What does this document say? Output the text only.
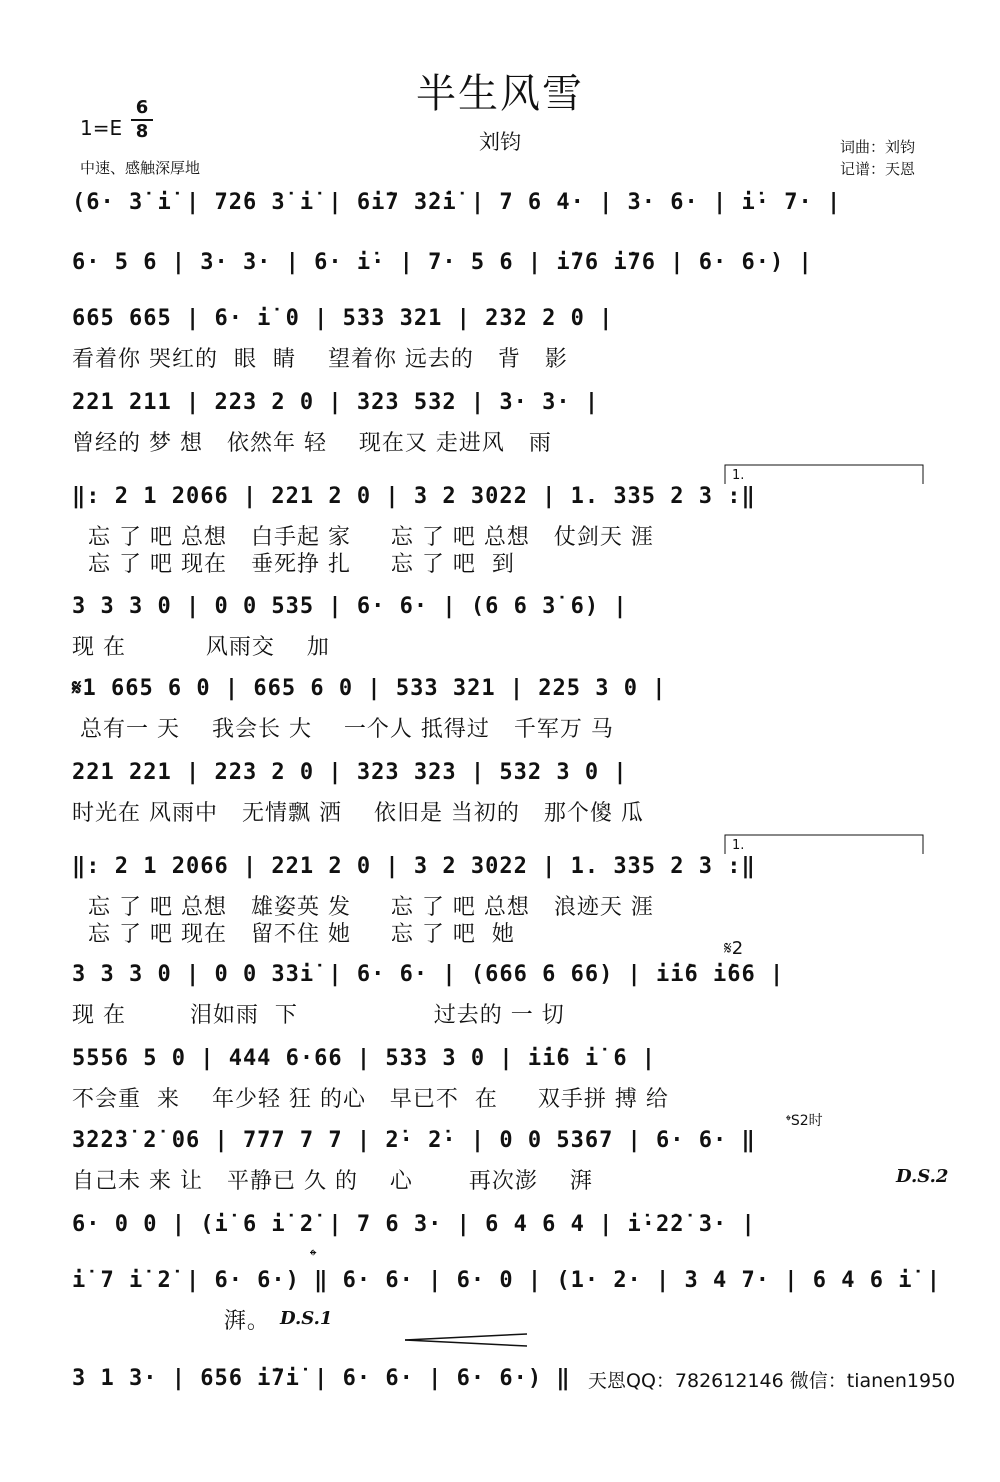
半生风雪
刘钧
1=E
6
8
中速、感触深厚地
词曲：刘钧
记谱：天恩
(6· 3̇ i̇ | 72̇6 3̇ i̇ | 6i̇7 3̇2̇i̇ | 7 6 4· | 3· 6· | i̇· 7· |
6· 5 6 | 3· 3· | 6· i̇· | 7· 5 6 | i̇76 i̇76 | 6· 6·) |
665 665 | 6· i̇ 0 | 533 321 | 232 2 0 |
看着你 哭红的  眼  睛    望着你 远去的   背   影
221 211 | 223 2 0 | 323 532 | 3· 3· |
曾经的 梦 想   依然年 轻    现在又 走进风   雨
‖: 2 1 2066 | 221 2 0 | 3 2 3022 | 1. 335 2 3 :‖
忘 了 吧 总想   白手起 家     忘 了 吧 总想   仗剑天 涯
忘 了 吧 现在   垂死挣 扎     忘 了 吧  到
3 3 3 0 | 0 0 535 | 6· 6· | (6 6 3̇ 6) |
现 在          风雨交    加
𝄋1 665 6 0 | 665 6 0 | 533 321 | 225 3 0 |
总有一 天    我会长 大    一个人 抵得过   千军万 马
221 221 | 223 2 0 | 323 323 | 532 3 0 |
时光在 风雨中   无情飘 洒    依旧是 当初的   那个傻 瓜
‖: 2 1 2066 | 221 2 0 | 3 2 3022 | 1. 335 2 3 :‖
忘 了 吧 总想   雄姿英 发     忘 了 吧 总想   浪迹天 涯
忘 了 吧 现在   留不住 她     忘 了 吧  她
3 3 3 0 | 0 0 33i̇ | 6· 6· | (666 6 66) | i̇i̇6 i̇66 |
现 在        泪如雨  下                 过去的 一 切
5556 5 0 | 444 6·66 | 533 3 0 | i̇i̇6 i̇ 6 |
不会重  来    年少轻 狂 的心   早已不  在     双手拼 搏 给
3̇2̇2̇3̇ 2̇ 06 | 777 7 7 | 2̇· 2̇· | 0 0 5367 | 6· 6· ‖
自己未 来 让   平静已 久 的    心       再次澎    湃
6· 0 0 | (i̇ 6 i̇ 2̇ | 7 6 3· | 6 4 6 4 | i̇·2̇2̇ 3· |
i̇ 7 i̇ 2̇ | 6· 6·) ‖ 6· 6· | 6· 0 | (1· 2· | 3 4 7· | 6 4 6 i̇ |
湃。
3 1 3· | 656 i̇7i̇ | 6· 6· | 6· 6·) ‖
𝄋2
𝄌S2时
D.S.2
𝄌
D.S.1
1.
1.
天恩QQ：782612146 微信：tianen1950
